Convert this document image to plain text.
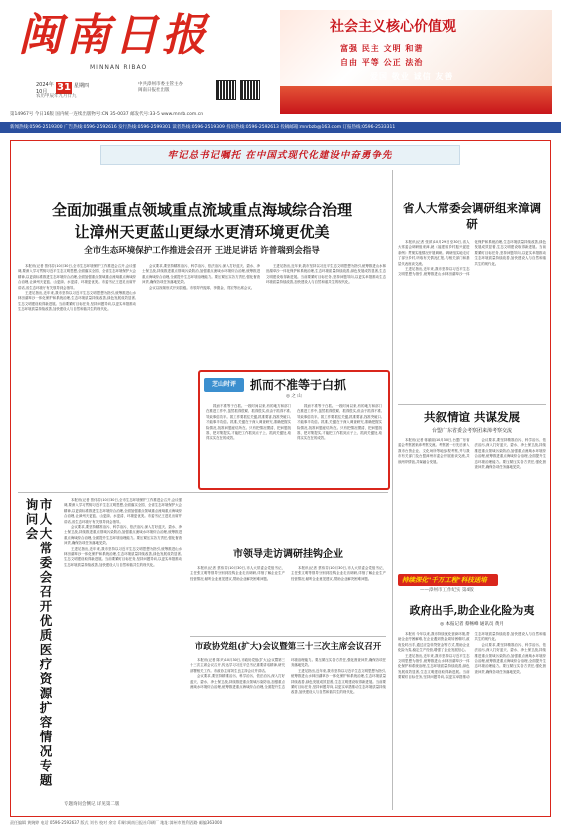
闽南日报
MINNAN RIBAO
2024年
10月 31 星期四
农历甲辰年九月廿九
中共漳州市委主管主办
闽南日报社出版
社会主义核心价值观
富强 民主 文明 和谐
自由 平等 公正 法治
爱国 敬业 诚信 友善
第14967号 今日16版 国内统一连续出版物号:CN 35-0037 邮发代号:33-5 www.mnrb.com.cn
新闻热线:0596-2519300 广告热线:0596-2592616 发行热线:0596-2599301 读者热线:0596-2519309 投诉热线:0596-2592613 投稿邮箱:mnrbzb@163.com 订报热线:0596-2533311
牢记总书记嘱托 在中国式现代化建设中奋勇争先
全面加强重点领域重点流域重点海域综合治理
让漳州天更蓝山更绿水更清环境更优美
全市生态环境保护工作推进会召开 王进足讲话 许普瑞到会指导

本报讯(记者 蔡伟芬)10月30日,全市生态环境保护工作推进会召开,会议强调,要深入学习贯彻习近平生态文明思想,全面落实全国、全省生态环境保护大会精神,以更高标准推进生态环境综合治理,全面加强重点领域重点流域重点海域综合治理,让漳州天更蓝、山更绿、水更清、环境更优美。市委书记王进足出席并讲话,省生态环境厅有关领导到会指导。

王进足指出,近年来,我市坚持以习近平生态文明思想为指引,统筹推进山水林田湖草沙一体化保护和系统治理,生态环境质量持续改善,绿色发展成效显著,生态文明建设取得新进展。当前要紧盯目标任务,坚持问题导向,以更实举措推动生态环境质量持续改善,加快建设人与自然和谐共生的现代化。

会议要求,要坚持精准治污、科学治污、依法治污,深入打好蓝天、碧水、净土保卫战,持续推进重点领域污染防治,加强重点流域水环境综合治理,统筹推进重点海域综合治理,全面提升生态环境治理能力。要压紧压实各方责任,强化督查问责,确保各项任务落地见效。

会议以视频形式开到县级。市领导许振球、李德金、郑宏等出席会议。

王进足指出,近年来,我市坚持以习近平生态文明思想为指引,统筹推进山水林田湖草沙一体化保护和系统治理,生态环境质量持续改善,绿色发展成效显著,生态文明建设取得新进展。当前要紧盯目标任务,坚持问题导向,以更实举措推动生态环境质量持续改善,加快建设人与自然和谐共生的现代化。

芝山时评	抓而不准等于白抓
◎ 之 山

抓而不准等于白抓。一段时间以来,有的地方和部门在推进工作中,虽然抓得很紧、抓得很实,但由于抓得不准,导致事倍功半。抓工作要抓住关键,抓准要害,找准突破口,才能事半功倍。抓准,关键在于深入调查研究,准确把握实际情况,找准问题症结所在。只有把情况摸清、把问题找准、把对策提实,才能把工作抓到点子上、抓到关键处,取得实实在在的成效。

抓而不准等于白抓。一段时间以来,有的地方和部门在推进工作中,虽然抓得很紧、抓得很实,但由于抓得不准,导致事倍功半。抓工作要抓住关键,抓准要害,找准突破口,才能事半功倍。抓准,关键在于深入调查研究,准确把握实际情况,找准问题症结所在。只有把情况摸清、把问题找准、把对策提实,才能把工作抓到点子上、抓到关键处,取得实实在在的成效。

市人大常委会召开优质医疗资源扩容情况专题询问会	本报讯(记者 蔡伟芬)10月30日,全市生态环境保护工作推进会召开,会议强调,要深入学习贯彻习近平生态文明思想,全面落实全国、全省生态环境保护大会精神,以更高标准推进生态环境综合治理,全面加强重点领域重点流域重点海域综合治理,让漳州天更蓝、山更绿、水更清、环境更优美。市委书记王进足出席并讲话,省生态环境厅有关领导到会指导。

会议要求,要坚持精准治污、科学治污、依法治污,深入打好蓝天、碧水、净土保卫战,持续推进重点领域污染防治,加强重点流域水环境综合治理,统筹推进重点海域综合治理,全面提升生态环境治理能力。要压紧压实各方责任,强化督查问责,确保各项任务落地见效。

王进足指出,近年来,我市坚持以习近平生态文明思想为指引,统筹推进山水林田湖草沙一体化保护和系统治理,生态环境质量持续改善,绿色发展成效显著,生态文明建设取得新进展。当前要紧盯目标任务,坚持问题导向,以更实举措推动生态环境质量持续改善,加快建设人与自然和谐共生的现代化。

专题询问会侧记 详见第二版
市领导走访调研挂钩企业

本报讯(记者 蔡伟芬)10月30日,市人大常委会党组书记、主任张文明等领导分别到挂钩企业走访调研,详细了解企业生产经营情况,倾听企业意见建议,帮助企业解决困难问题。

本报讯(记者 蔡伟芬)10月30日,市人大常委会党组书记、主任张文明等领导分别到挂钩企业走访调研,详细了解企业生产经营情况,倾听企业意见建议,帮助企业解决困难问题。

市政协党组(扩大)会议暨第三十三次主席会议召开

本报讯(记者 陈尹)10月30日,市政协党组(扩大)会议暨第三十三次主席会议召开,传达学习习近平总书记重要讲话精神,研究部署相关工作。市政协主席刘生良主持会议并讲话。

会议要求,要坚持精准治污、科学治污、依法治污,深入打好蓝天、碧水、净土保卫战,持续推进重点领域污染防治,加强重点流域水环境综合治理,统筹推进重点海域综合治理,全面提升生态环境治理能力。要压紧压实各方责任,强化督查问责,确保各项任务落地见效。

王进足指出,近年来,我市坚持以习近平生态文明思想为指引,统筹推进山水林田湖草沙一体化保护和系统治理,生态环境质量持续改善,绿色发展成效显著,生态文明建设取得新进展。当前要紧盯目标任务,坚持问题导向,以更实举措推动生态环境质量持续改善,加快建设人与自然和谐共生的现代化。

省人大常委会调研组来漳调研

本报讯(记者 张萍)10月29日至30日,省人大常委会调研组来漳,就《福建省乡村振兴促进条例》贯彻实施情况开展调研。调研组实地走访了部分乡村,听取有关情况汇报,与相关部门和基层代表座谈交流。

王进足指出,近年来,我市坚持以习近平生态文明思想为指引,统筹推进山水林田湖草沙一体化保护和系统治理,生态环境质量持续改善,绿色发展成效显著,生态文明建设取得新进展。当前要紧盯目标任务,坚持问题导向,以更实举措推动生态环境质量持续改善,加快建设人与自然和谐共生的现代化。

共叙情谊 共谋发展
台盟广东省委会考察团来漳考察交流

本报讯(记者 蒋丽丽)10月30日,台盟广东省委会考察团来漳考察交流。考察团一行先后深入我市台资企业、文化场所等地参观考察,并与我市有关部门及台盟漳州市委会开展座谈交流,共叙两岸情谊,共谋融合发展。

会议要求,要坚持精准治污、科学治污、依法治污,深入打好蓝天、碧水、净土保卫战,持续推进重点领域污染防治,加强重点流域水环境综合治理,统筹推进重点海域综合治理,全面提升生态环境治理能力。要压紧压实各方责任,强化督查问责,确保各项任务落地见效。

持续深化"千万工程"科技送培
——漳州市工作纪实 第4版
政府出手,助企业化险为夷
◎ 本报记者 蔡畅峰 通讯员 黄月

本报讯 今年以来,我市持续优化营商环境,帮助企业纾困解难,在企业遇到资金周转困难时,政府及时出手,通过应急转贷资金等方式,帮助企业化险为夷,稳定生产经营,增强了企业发展信心。

王进足指出,近年来,我市坚持以习近平生态文明思想为指引,统筹推进山水林田湖草沙一体化保护和系统治理,生态环境质量持续改善,绿色发展成效显著,生态文明建设取得新进展。当前要紧盯目标任务,坚持问题导向,以更实举措推动生态环境质量持续改善,加快建设人与自然和谐共生的现代化。

会议要求,要坚持精准治污、科学治污、依法治污,深入打好蓝天、碧水、净土保卫战,持续推进重点领域污染防治,加强重点流域水环境综合治理,统筹推进重点海域综合治理,全面提升生态环境治理能力。要压紧压实各方责任,强化督查问责,确保各项任务落地见效。

责任编辑 黄婉婷 电话 0596-2592637 版式 刘书 校对 余宗 印刷:闽南日报社印刷厂 地址:漳州市胜利西路 邮编363000
